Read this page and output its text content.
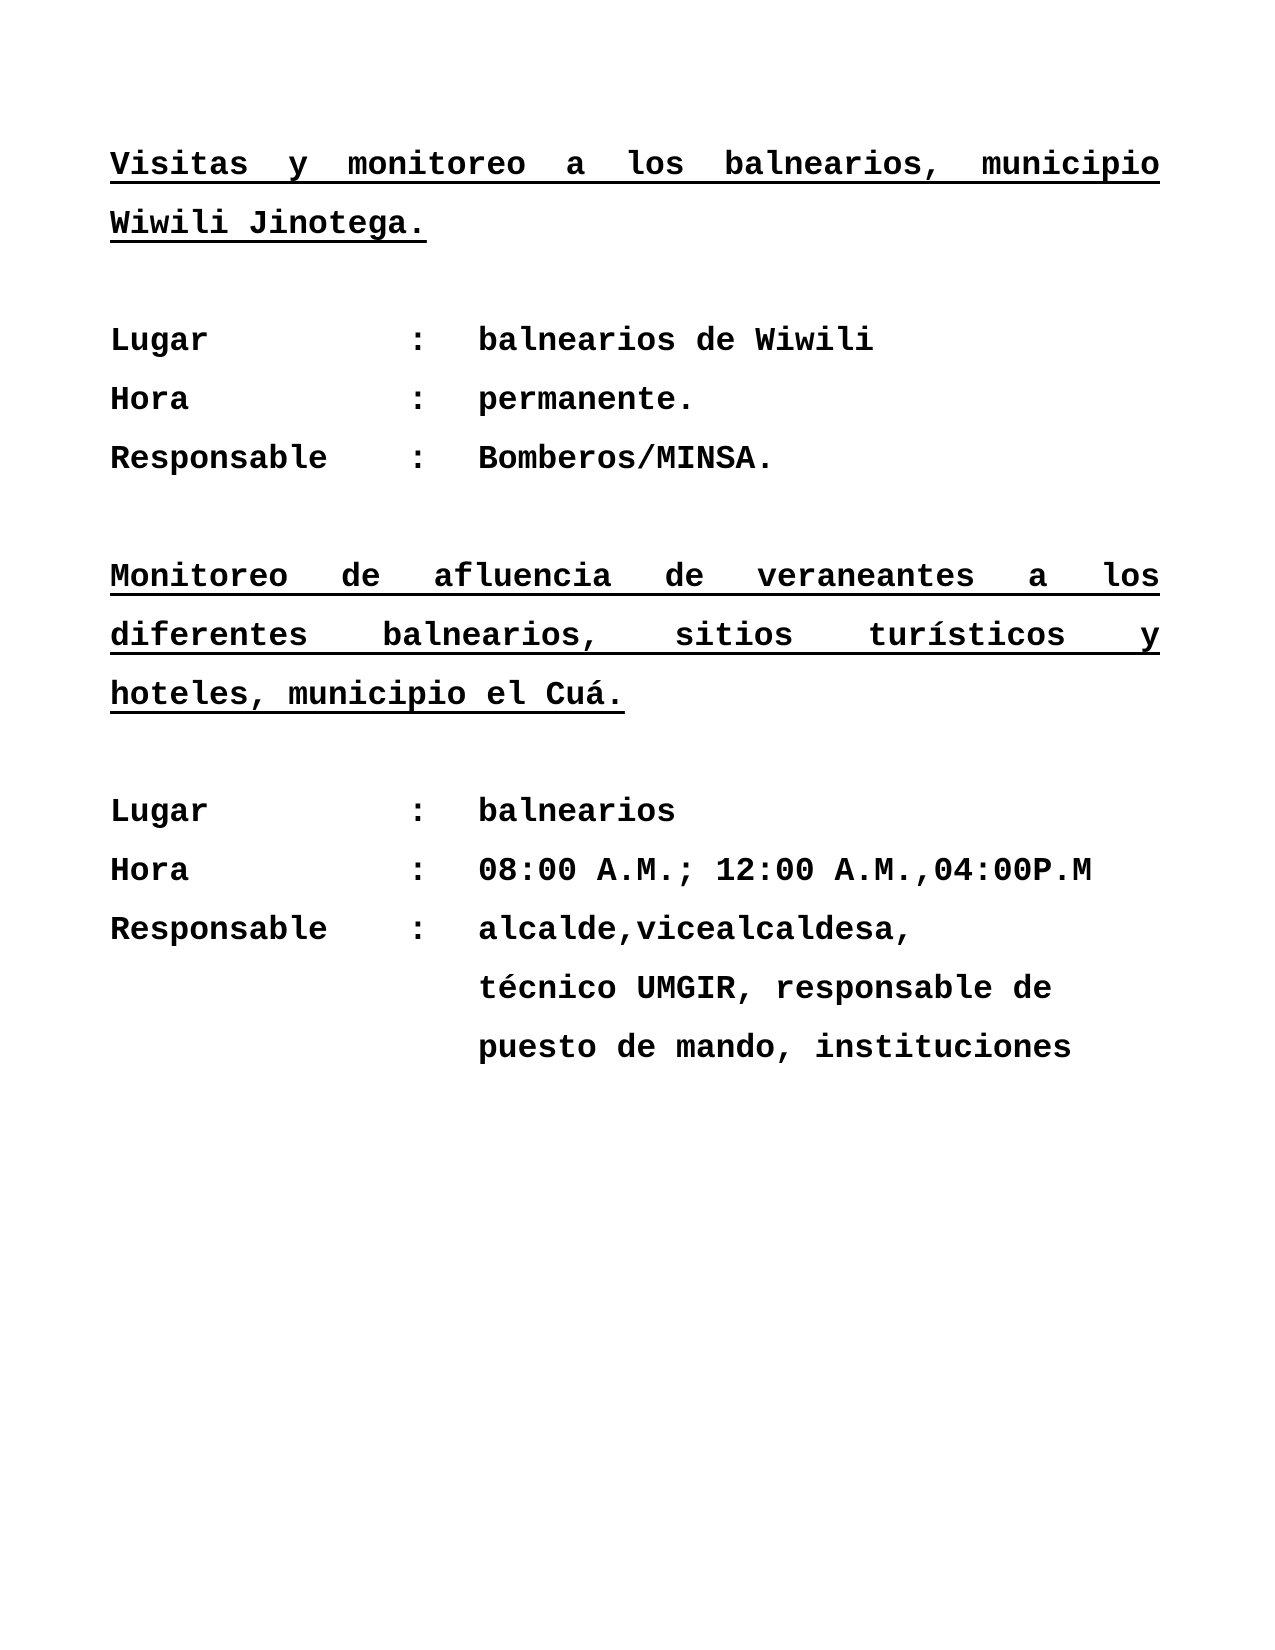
Visitas y monitoreo a los balnearios, municipio
Wiwili Jinotega.
Lugar	: balnearios de Wiwili
Hora	: permanente.
Responsable : Bomberos/MINSA.
Monitoreo de afluencia de veraneantes a los
diferentes balnearios, sitios turísticos y
hoteles, municipio el Cuá.
Lugar	: balnearios
Hora	: 08:00 A.M.; 12:00 A.M.,04:00P.M
Responsable : alcalde,vicealcaldesa,
técnico UMGIR, responsable de
puesto de mando, instituciones
